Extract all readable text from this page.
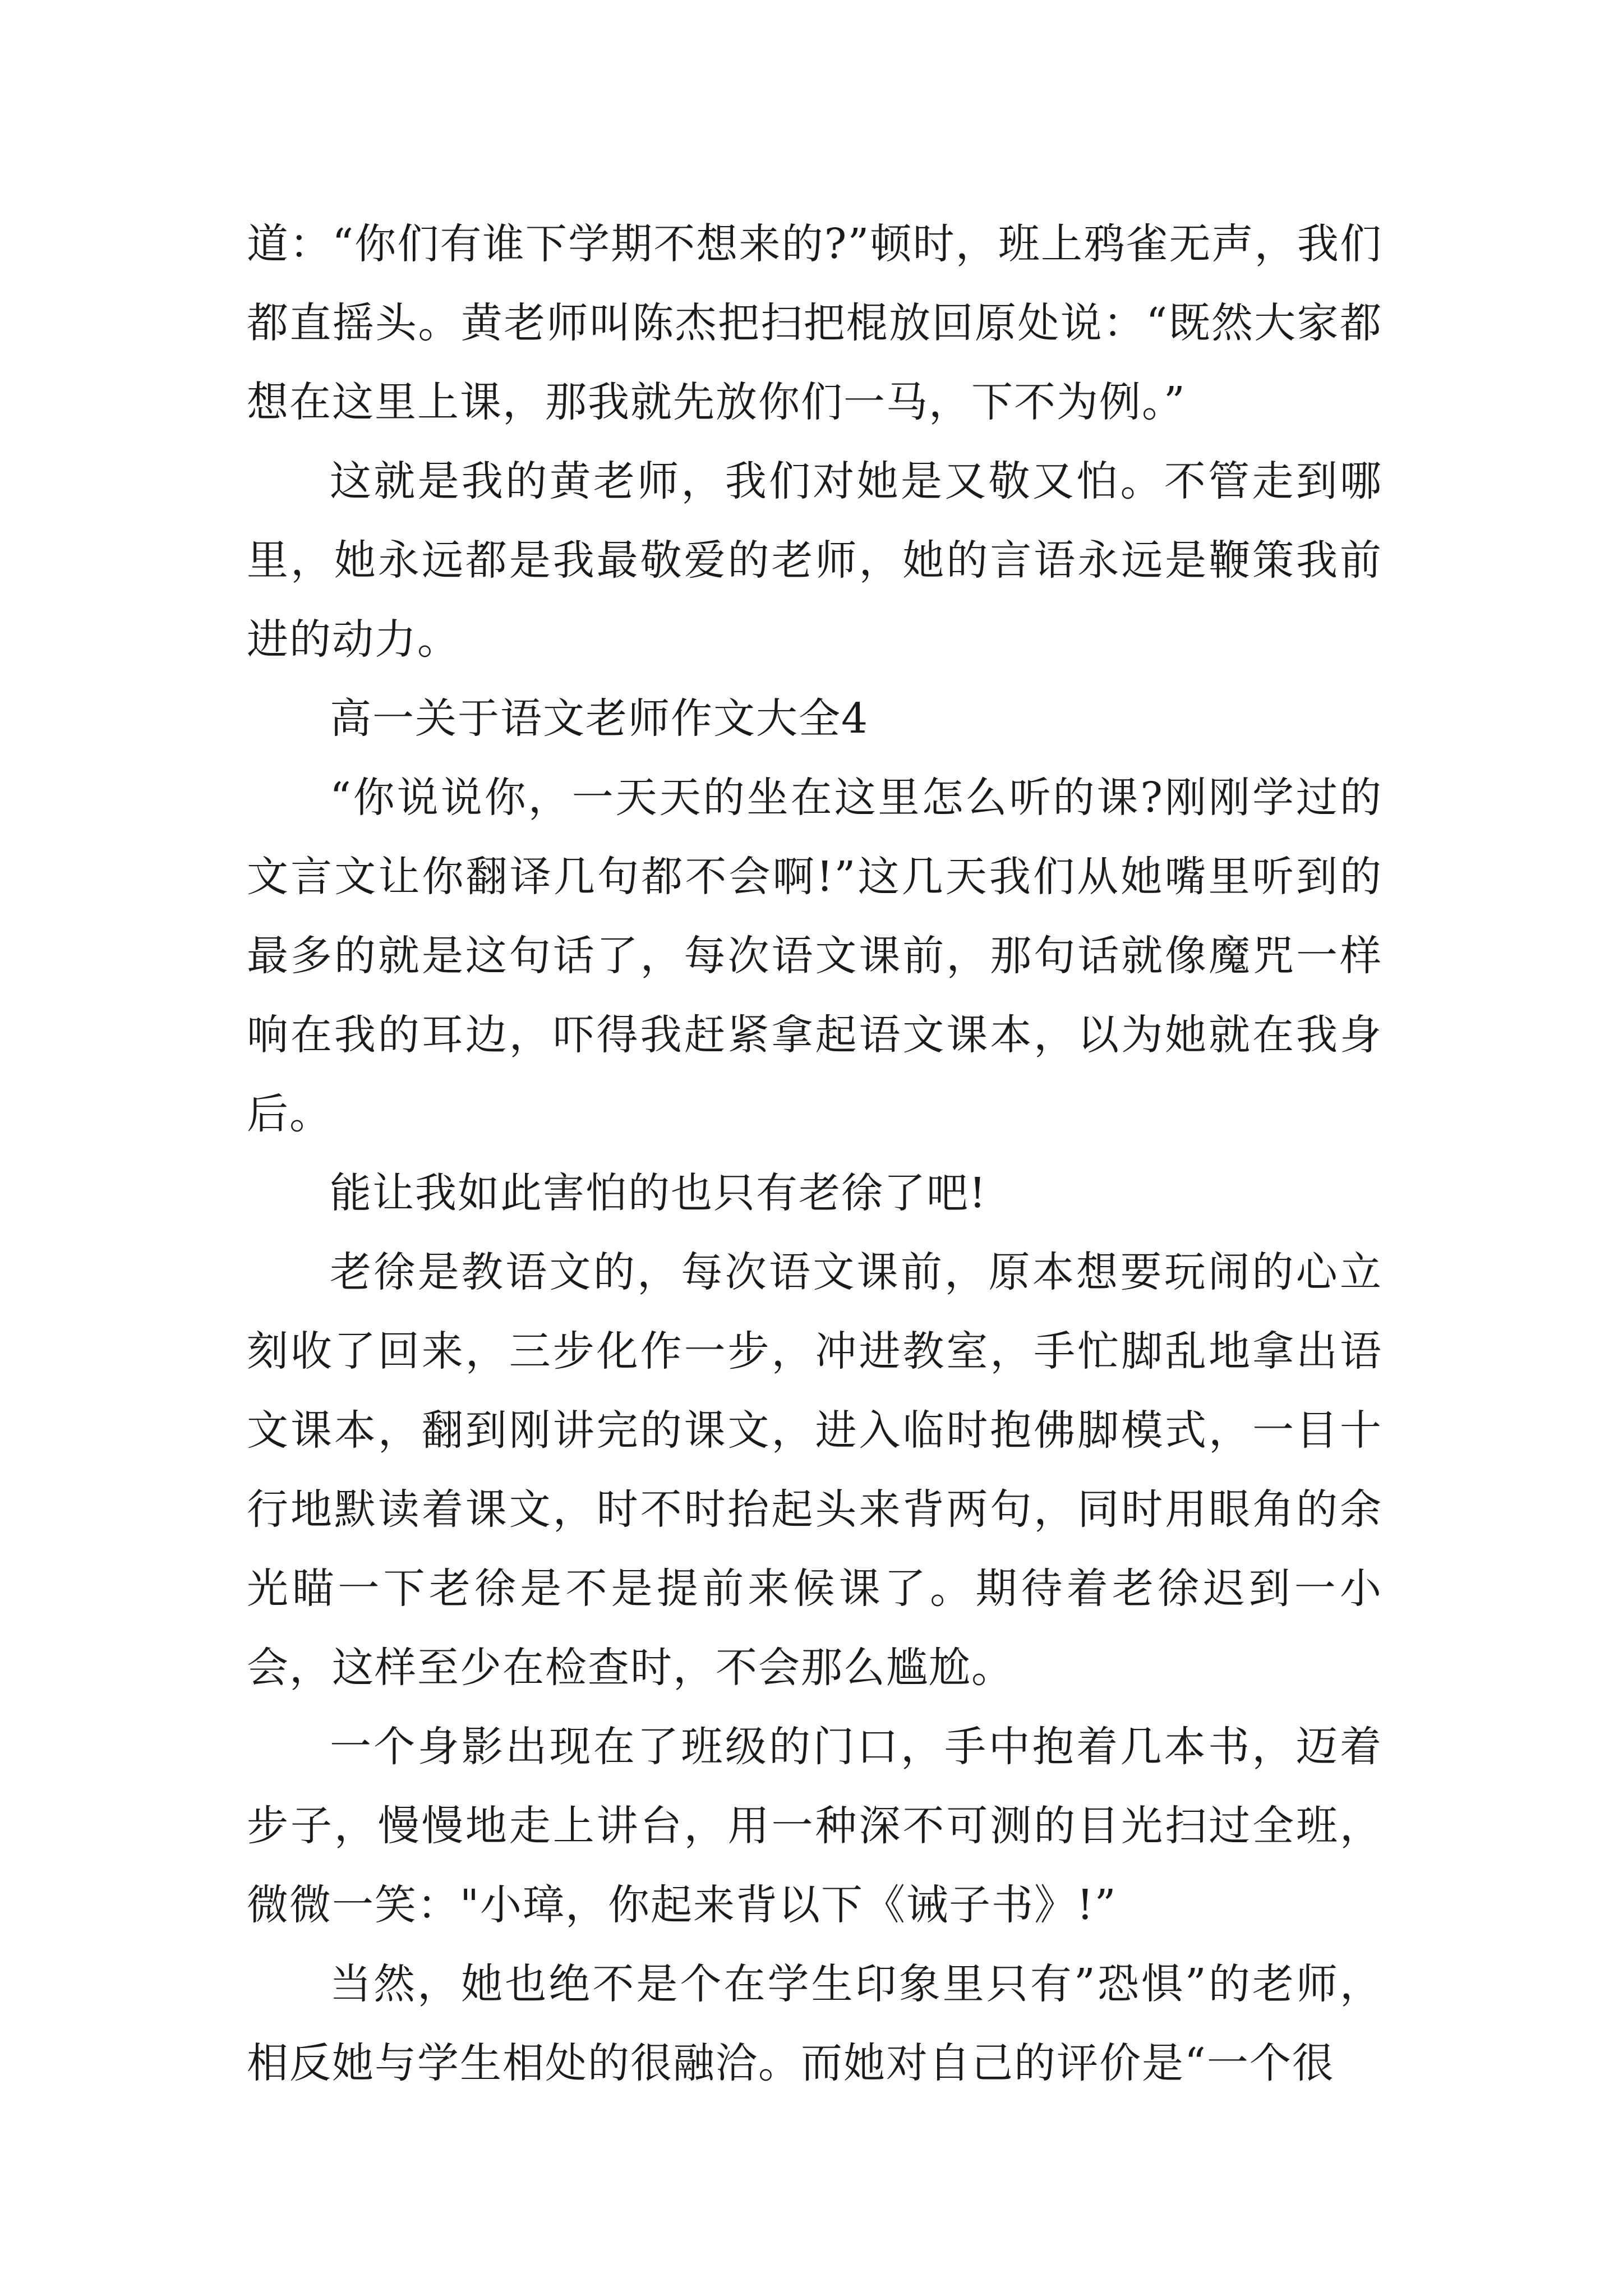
道：“你们有谁下学期不想来的?”顿时，班上鸦雀无声，我们都直摇头。黄老师叫陈杰把扫把棍放回原处说：“既然大家都想在这里上课，那我就先放你们一马，下不为例。”

这就是我的黄老师，我们对她是又敬又怕。不管走到哪里，她永远都是我最敬爱的老师，她的言语永远是鞭策我前进的动力。

高一关于语文老师作文大全4

“你说说你，一天天的坐在这里怎么听的课?刚刚学过的文言文让你翻译几句都不会啊!”这几天我们从她嘴里听到的最多的就是这句话了，每次语文课前，那句话就像魔咒一样响在我的耳边，吓得我赶紧拿起语文课本，以为她就在我身后。

能让我如此害怕的也只有老徐了吧!

老徐是教语文的，每次语文课前，原本想要玩闹的心立刻收了回来，三步化作一步，冲进教室，手忙脚乱地拿出语文课本，翻到刚讲完的课文，进入临时抱佛脚模式，一目十行地默读着课文，时不时抬起头来背两句，同时用眼角的余光瞄一下老徐是不是提前来候课了。期待着老徐迟到一小会，这样至少在检查时，不会那么尴尬。

一个身影出现在了班级的门口，手中抱着几本书，迈着步子，慢慢地走上讲台，用一种深不可测的目光扫过全班，微微一笑："小璋，你起来背以下《诫子书》!”

当然，她也绝不是个在学生印象里只有”恐惧”的老师，相反她与学生相处的很融洽。而她对自己的评价是“一个很
